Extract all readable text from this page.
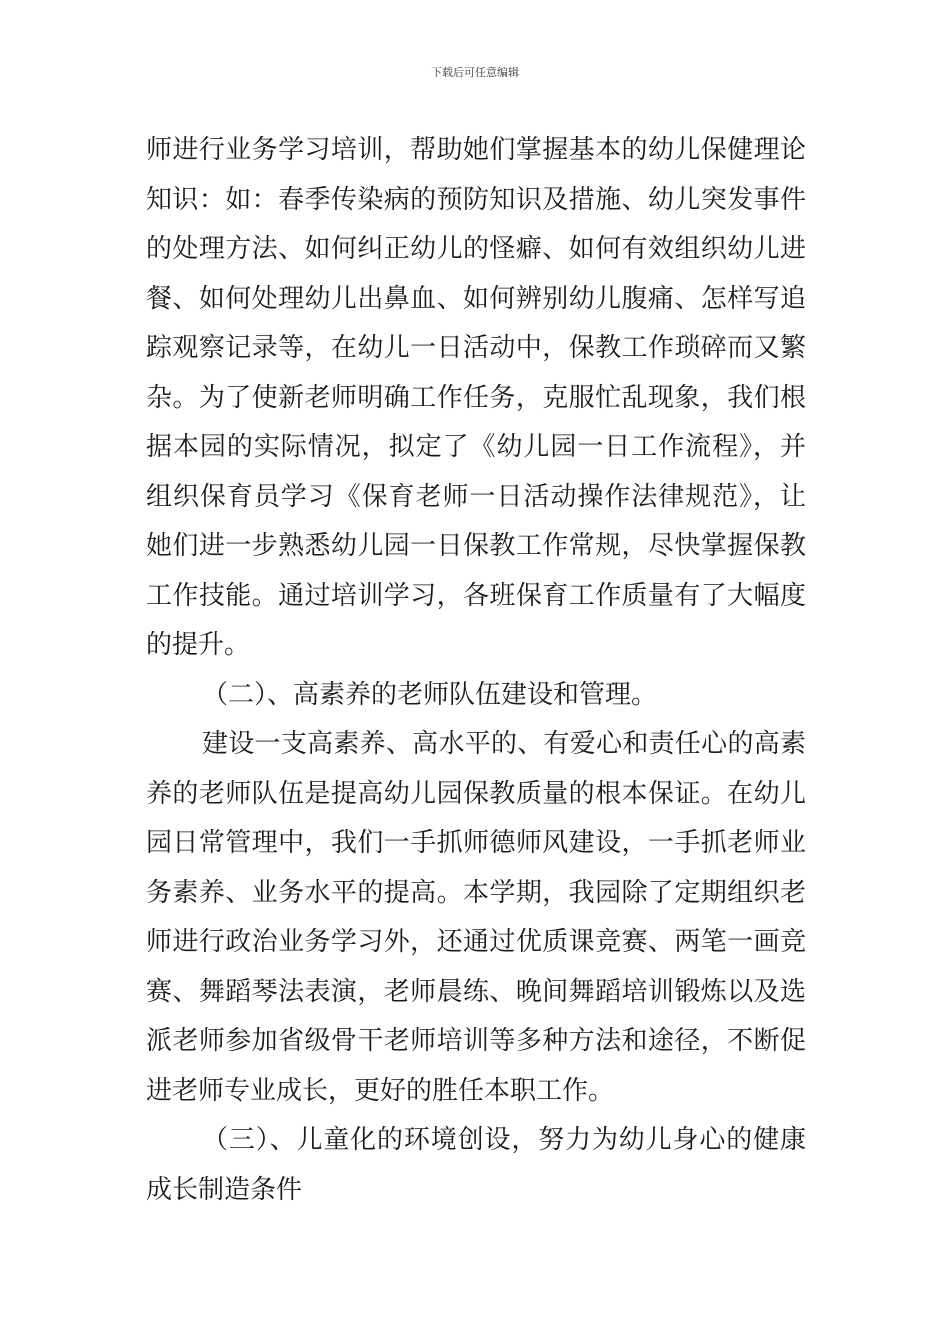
下载后可任意编辑
师进行业务学习培训，帮助她们掌握基本的幼儿保健理论
知识：如：春季传染病的预防知识及措施、幼儿突发事件
的处理方法、如何纠正幼儿的怪癖、如何有效组织幼儿进
餐、如何处理幼儿出鼻血、如何辨别幼儿腹痛、怎样写追
踪观察记录等，在幼儿一日活动中，保教工作琐碎而又繁
杂。为了使新老师明确工作任务，克服忙乱现象，我们根
据本园的实际情况，拟定了《幼儿园一日工作流程》，并
组织保育员学习《保育老师一日活动操作法律规范》，让
她们进一步熟悉幼儿园一日保教工作常规，尽快掌握保教
工作技能。通过培训学习，各班保育工作质量有了大幅度
的提升。
（二）、高素养的老师队伍建设和管理。
建设一支高素养、高水平的、有爱心和责任心的高素
养的老师队伍是提高幼儿园保教质量的根本保证。在幼儿
园日常管理中，我们一手抓师德师风建设，一手抓老师业
务素养、业务水平的提高。本学期，我园除了定期组织老
师进行政治业务学习外，还通过优质课竞赛、两笔一画竞
赛、舞蹈琴法表演，老师晨练、晚间舞蹈培训锻炼以及选
派老师参加省级骨干老师培训等多种方法和途径，不断促
进老师专业成长，更好的胜任本职工作。
（三）、儿童化的环境创设，努力为幼儿身心的健康
成长制造条件
